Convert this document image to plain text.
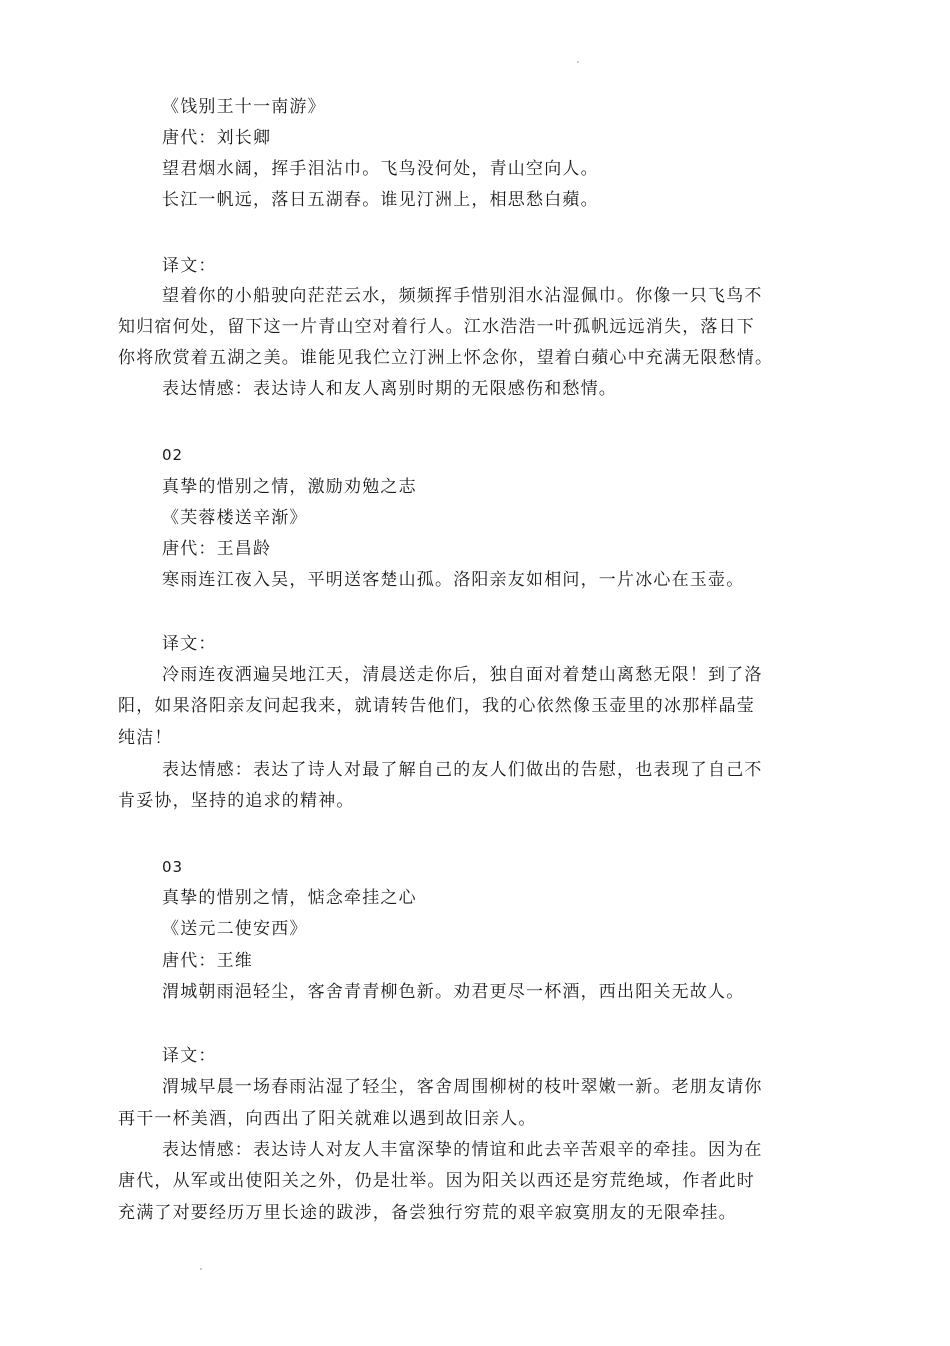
《饯别王十一南游》
唐代：刘长卿
望君烟水阔，挥手泪沾巾。飞鸟没何处，青山空向人。
长江一帆远，落日五湖春。谁见汀洲上，相思愁白蘋。
译文：
望着你的小船驶向茫茫云水，频频挥手惜别泪水沾湿佩巾。你像一只飞鸟不
知归宿何处，留下这一片青山空对着行人。江水浩浩一叶孤帆远远消失，落日下
你将欣赏着五湖之美。谁能见我伫立汀洲上怀念你，望着白蘋心中充满无限愁情。
表达情感：表达诗人和友人离别时期的无限感伤和愁情。
02
真挚的惜别之情，激励劝勉之志
《芙蓉楼送辛渐》
唐代：王昌龄
寒雨连江夜入吴，平明送客楚山孤。洛阳亲友如相问，一片冰心在玉壶。
译文：
冷雨连夜洒遍吴地江天，清晨送走你后，独自面对着楚山离愁无限！到了洛
阳，如果洛阳亲友问起我来，就请转告他们，我的心依然像玉壶里的冰那样晶莹
纯洁！
表达情感：表达了诗人对最了解自己的友人们做出的告慰，也表现了自己不
肯妥协，坚持的追求的精神。
03
真挚的惜别之情，惦念牵挂之心
《送元二使安西》
唐代：王维
渭城朝雨浥轻尘，客舍青青柳色新。劝君更尽一杯酒，西出阳关无故人。
译文：
渭城早晨一场春雨沾湿了轻尘，客舍周围柳树的枝叶翠嫩一新。老朋友请你
再干一杯美酒，向西出了阳关就难以遇到故旧亲人。
表达情感：表达诗人对友人丰富深挚的情谊和此去辛苦艰辛的牵挂。因为在
唐代，从军或出使阳关之外，仍是壮举。因为阳关以西还是穷荒绝域，作者此时
充满了对要经历万里长途的跋涉，备尝独行穷荒的艰辛寂寞朋友的无限牵挂。
